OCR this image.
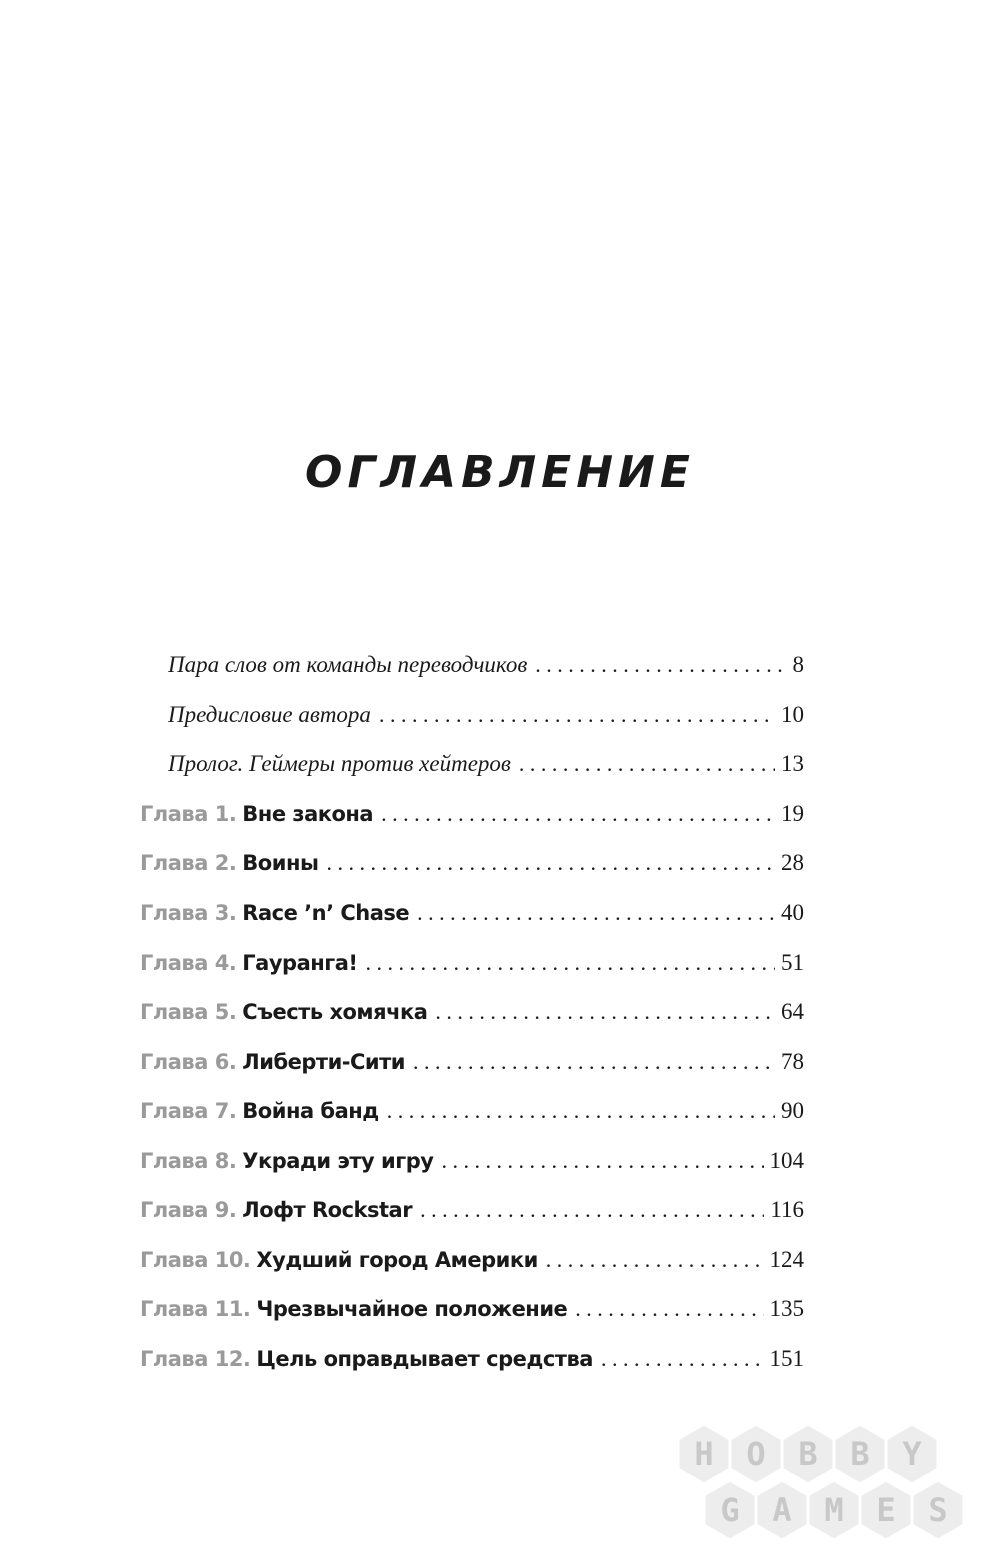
ОГЛАВЛЕНИЕ
Пара слов от команды переводчиков . . .	8
Предисловие автора . . .	10
Пролог. Геймеры против хейтеров . . .	13
Глава 1. Вне закона . . .	19
Глава 2. Воины . . .	28
Глава 3. Race ’n’ Chase . . .	40
Глава 4. Гауранга! . . .	51
Глава 5. Съесть хомячка . . .	64
Глава 6. Либерти-Сити . . .	78
Глава 7. Война банд . . .	90
Глава 8. Укради эту игру . . .	104
Глава 9. Лофт Rockstar . . .	116
Глава 10. Худший город Америки . . .	124
Глава 11. Чрезвычайное положение . . .	135
Глава 12. Цель оправдывает средства . . .	151
H O B B Y
G A M E S
